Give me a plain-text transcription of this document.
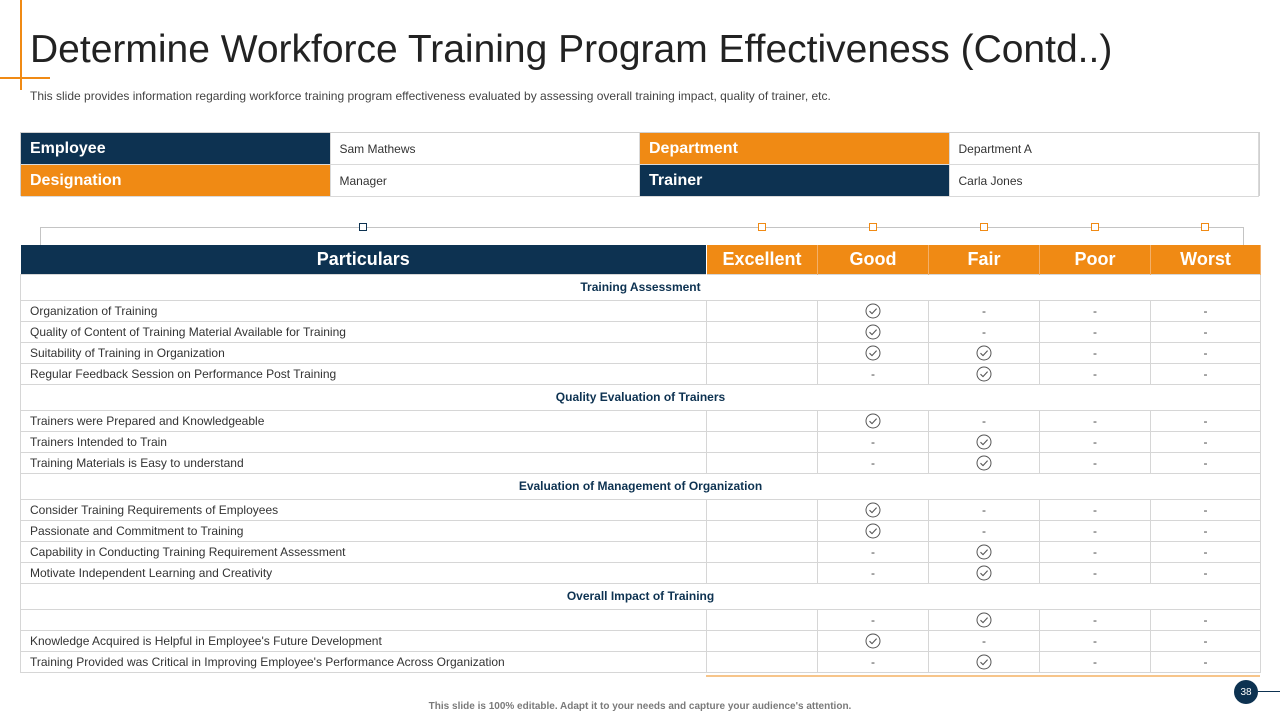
Determine Workforce Training Program Effectiveness (Contd..)
This slide provides information regarding workforce training program effectiveness evaluated by assessing overall training impact, quality of trainer, etc.
Employee	Sam Mathews	Department	Department A
Designation	Manager	Trainer	Carla Jones
Particulars	Excellent	Good	Fair	Poor	Worst
Training Assessment					
Organization of Training			-	-	-
Quality of Content of Training Material Available for Training			-	-	-
Suitability of Training in Organization				-	-
Regular Feedback Session on Performance Post Training		-		-	-
Quality Evaluation of Trainers					
Trainers were Prepared and Knowledgeable			-	-	-
Trainers Intended to Train		-		-	-
Training Materials is Easy to understand		-		-	-
Evaluation of Management of Organization					
Consider Training Requirements of Employees			-	-	-
Passionate and Commitment to Training			-	-	-
Capability in Conducting Training Requirement Assessment		-		-	-
Motivate Independent Learning and Creativity		-		-	-
Overall Impact of Training					
		-		-	-
Knowledge Acquired is Helpful in Employee's Future Development			-	-	-
Training Provided was Critical in Improving Employee's Performance Across Organization		-		-	-
This slide is 100% editable. Adapt it to your needs and capture your audience's attention.
38
